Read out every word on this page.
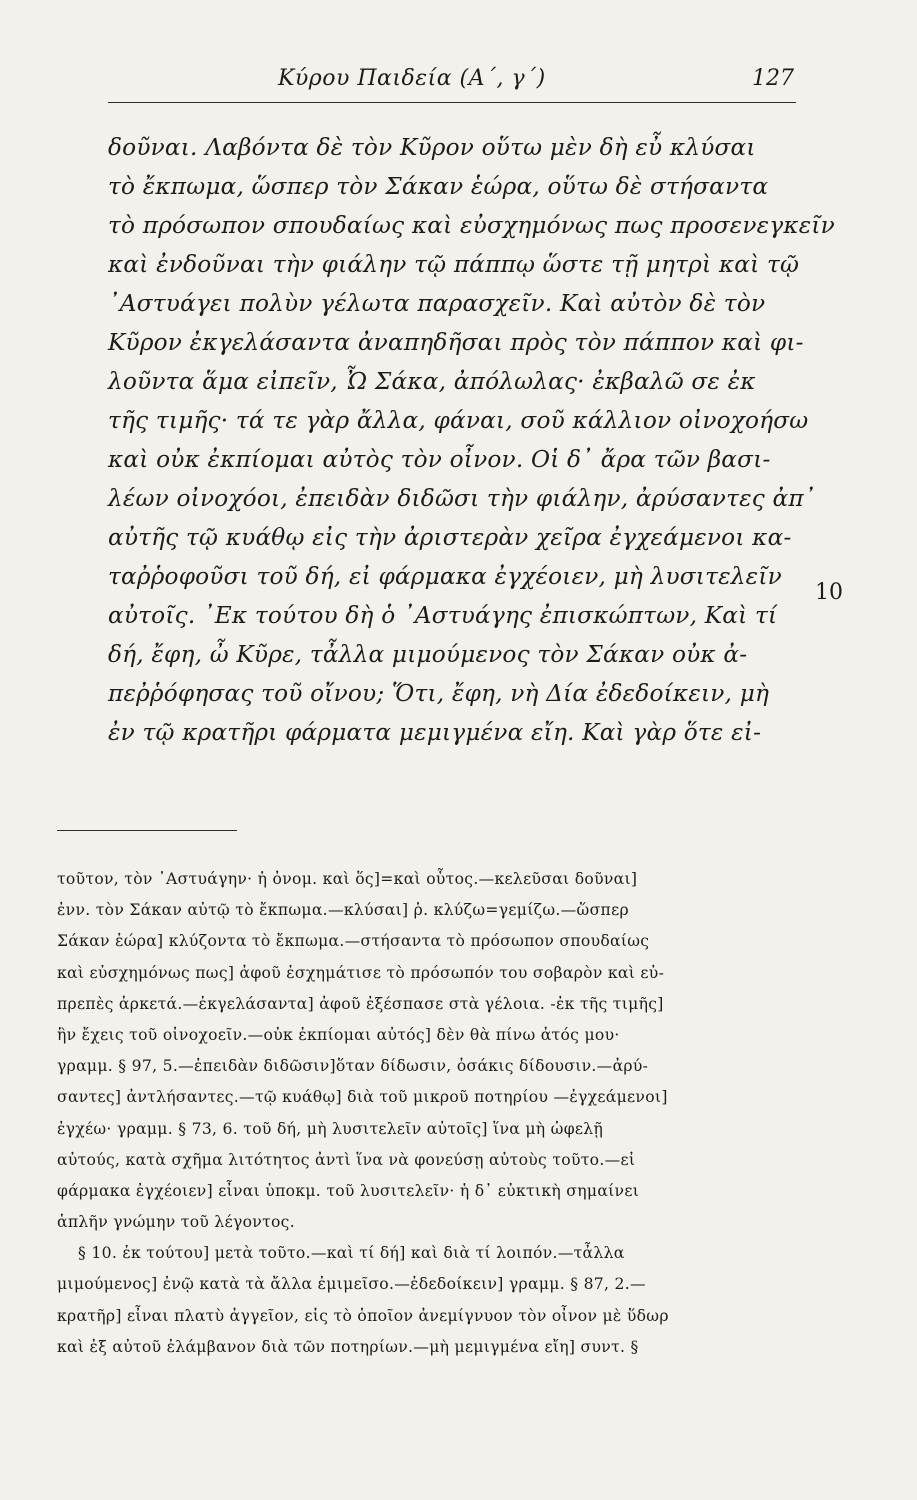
Κύρου Παιδεία (Α΄, γ΄)	127
δοῦναι. Λαβόντα δὲ τὸν Κῦρον οὕτω μὲν δὴ εὖ κλύσαι
τὸ ἔκπωμα, ὥσπερ τὸν Σάκαν ἑώρα, οὕτω δὲ στήσαντα
τὸ πρόσωπον σπουδαίως καὶ εὐσχημόνως πως προσενεγκεῖν
καὶ ἐνδοῦναι τὴν φιάλην τῷ πάππῳ ὥστε τῇ μητρὶ καὶ τῷ
᾿Αστυάγει πολὺν γέλωτα παρασχεῖν. Καὶ αὐτὸν δὲ τὸν
Κῦρον ἐκγελάσαντα ἀναπηδῆσαι πρὸς τὸν πάππον καὶ φι-
λοῦντα ἅμα εἰπεῖν, Ὦ Σάκα, ἀπόλωλας· ἐκβαλῶ σε ἐκ
τῆς τιμῆς· τά τε γὰρ ἄλλα, φάναι, σοῦ κάλλιον οἰνοχοήσω
καὶ οὐκ ἐκπίομαι αὐτὸς τὸν οἶνον. Οἱ δ᾿ ἄρα τῶν βασι-
λέων οἰνοχόοι, ἐπειδὰν διδῶσι τὴν φιάλην, ἀρύσαντες ἀπ᾿
αὐτῆς τῷ κυάθῳ εἰς τὴν ἀριστερὰν χεῖρα ἐγχεάμενοι κα-
ταῤῥοφοῦσι τοῦ δή, εἰ φάρμακα ἐγχέοιεν, μὴ λυσιτελεῖν
αὐτοῖς. ᾿Εκ τούτου δὴ ὁ ᾿Αστυάγης ἐπισκώπτων, Καὶ τί
δή, ἔφη, ὦ Κῦρε, τἆλλα μιμούμενος τὸν Σάκαν οὐκ ἀ-
πεῤῥόφησας τοῦ οἴνου; Ὅτι, ἔφη, νὴ Δία ἐδεδοίκειν, μὴ
ἐν τῷ κρατῆρι φάρματα μεμιγμένα εἴη. Καὶ γὰρ ὅτε εἰ-
10
τοῦτον, τὸν ᾿Αστυάγην· ἡ ὀνομ. καὶ ὅς]=καὶ οὗτος.—κελεῦσαι δοῦναι]
ἐνν. τὸν Σάκαν αὐτῷ τὸ ἔκπωμα.—κλύσαι] ῥ. κλύζω=γεμίζω.—ὥσπερ
Σάκαν ἑώρα] κλύζοντα τὸ ἔκπωμα.—στήσαντα τὸ πρόσωπον σπουδαίως
καὶ εὐσχημόνως πως] ἀφοῦ ἐσχημάτισε τὸ πρόσωπόν του σοβαρὸν καὶ εὐ-
πρεπὲς ἀρκετά.—ἐκγελάσαντα] ἀφοῦ ἐξέσπασε στὰ γέλοια. -ἐκ τῆς τιμῆς]
ἣν ἔχεις τοῦ οἰνοχοεῖν.—οὐκ ἐκπίομαι αὐτός] δὲν θὰ πίνω ἀτός μου·
γραμμ. § 97, 5.—ἐπειδὰν διδῶσιν]ὅταν δίδωσιν, ὁσάκις δίδουσιν.—ἀρύ-
σαντες] ἀντλήσαντες.—τῷ κυάθῳ] διὰ τοῦ μικροῦ ποτηρίου —ἐγχεάμενοι]
ἐγχέω· γραμμ. § 73, 6. τοῦ δή, μὴ λυσιτελεῖν αὐτοῖς] ἵνα μὴ ὠφελῇ
αὐτούς, κατὰ σχῆμα λιτότητος ἀντὶ ἵνα νὰ φονεύσῃ αὐτοὺς τοῦτο.—εἰ
φάρμακα ἐγχέοιεν] εἶναι ὑποκμ. τοῦ λυσιτελεῖν· ἡ δ᾿ εὐκτικὴ σημαίνει
ἁπλῆν γνώμην τοῦ λέγοντος.
§ 10. ἐκ τούτου] μετὰ τοῦτο.—καὶ τί δή] καὶ διὰ τί λοιπόν.—τἆλλα
μιμούμενος] ἐνῷ κατὰ τὰ ἄλλα ἐμιμεῖσο.—ἐδεδοίκειν] γραμμ. § 87, 2.—
κρατῆρ] εἶναι πλατὺ ἀγγεῖον, εἰς τὸ ὁποῖον ἀνεμίγνυον τὸν οἶνον μὲ ὕδωρ
καὶ ἐξ αὐτοῦ ἐλάμβανον διὰ τῶν ποτηρίων.—μὴ μεμιγμένα εἴη] συντ. §
